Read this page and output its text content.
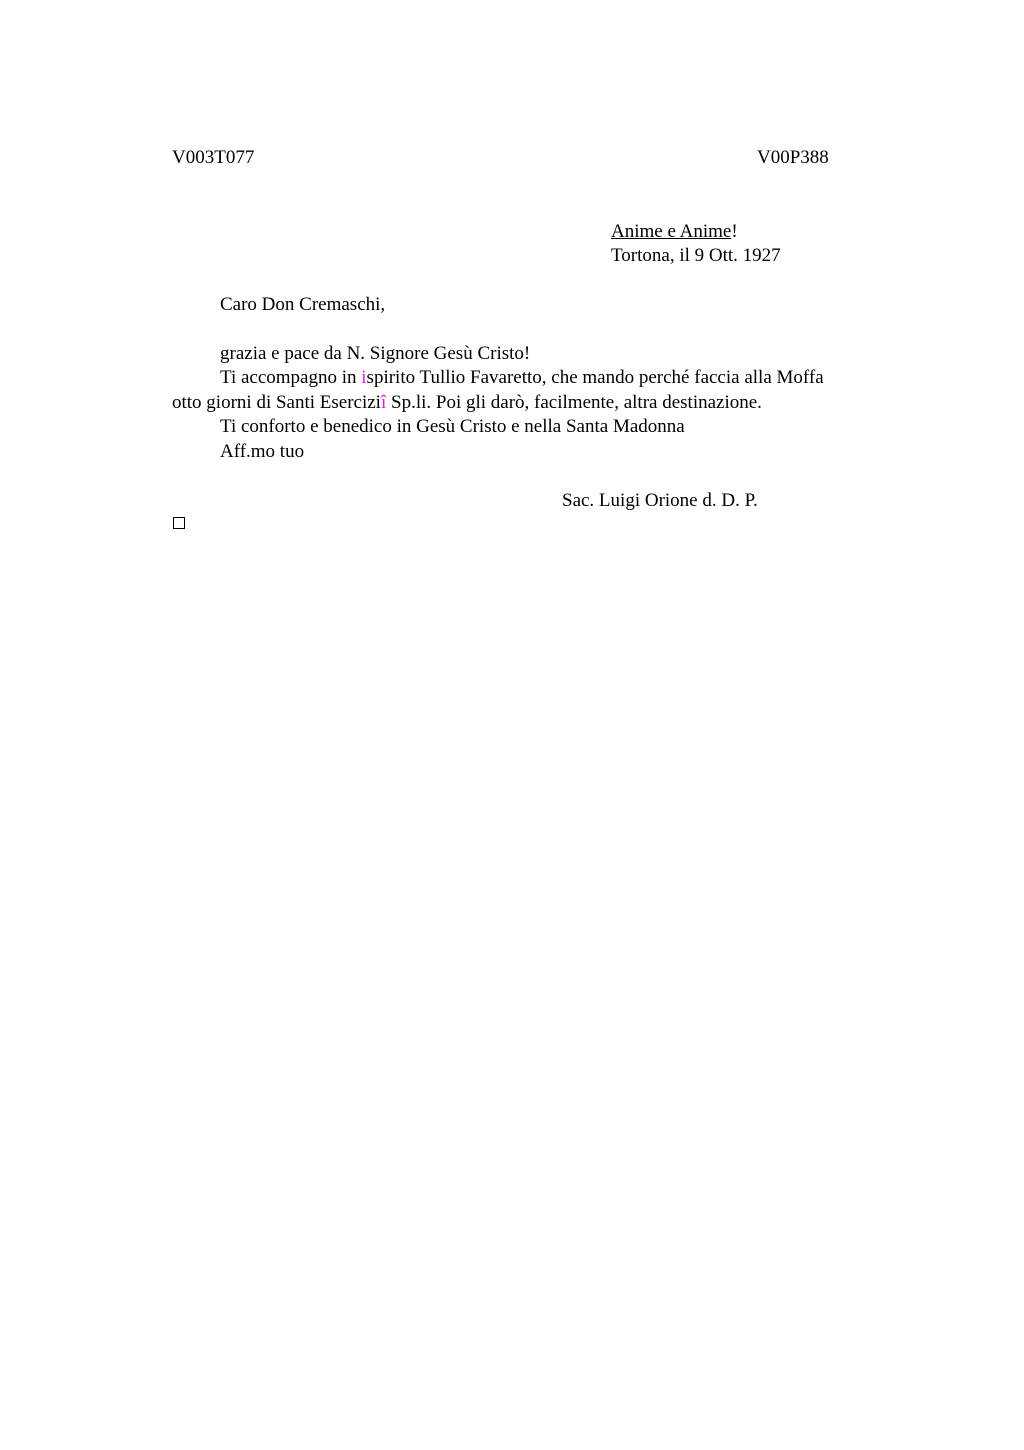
V003T077	V00P388
Anime e Anime!
Tortona, il 9 Ott. 1927
Caro Don Cremaschi,
grazia e pace da N. Signore Gesù Cristo!
Ti accompagno in ispirito Tullio Favaretto, che mando perché faccia alla Moffa
otto giorni di Santi Eserciziî Sp.li. Poi gli darò, facilmente, altra destinazione.
Ti conforto e benedico in Gesù Cristo e nella Santa Madonna
Aff.mo tuo
Sac. Luigi Orione d. D. P.
